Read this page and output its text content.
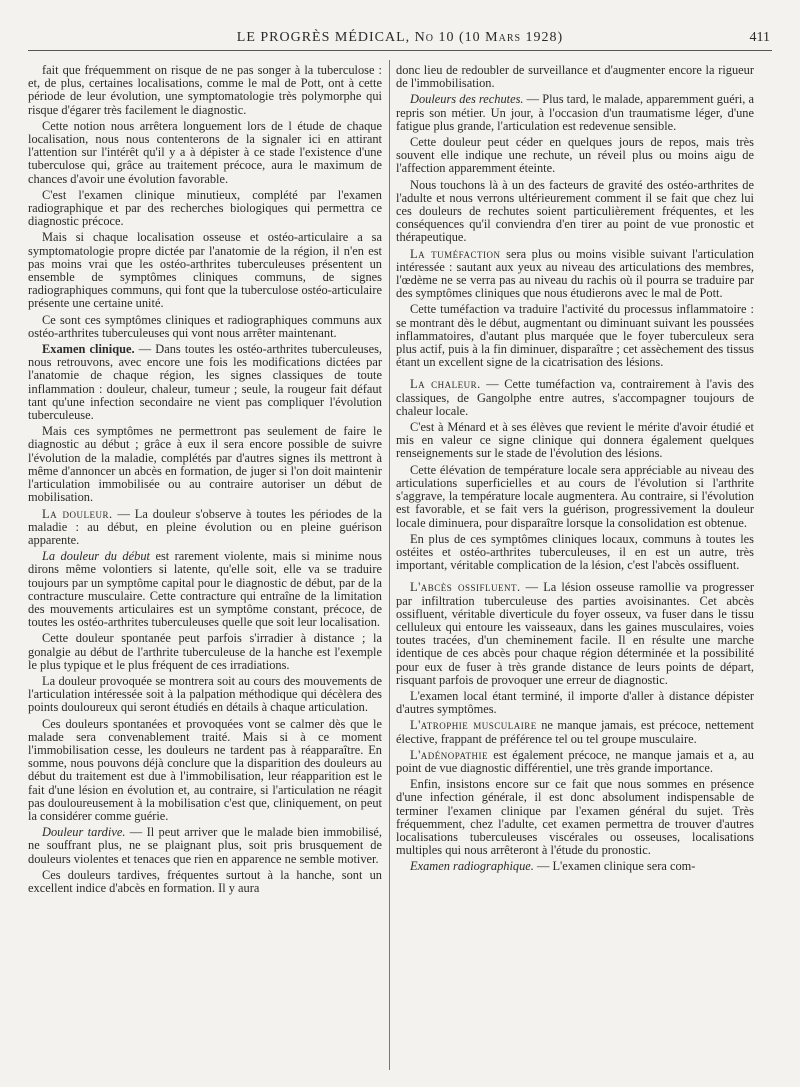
LE PROGRÈS MÉDICAL, No 10 (10 Mars 1928)	411

fait que fréquemment on risque de ne pas songer à la tuberculose : et, de plus, certaines localisations, comme le mal de Pott, ont à cette période de leur évolution, une symptomatologie très polymorphe qui risque d'égarer très facilement le diagnostic.

Cette notion nous arrêtera longuement lors de l étude de chaque localisation, nous nous contenterons de la signaler ici en attirant l'attention sur l'intérêt qu'il y a à dépister à ce stade l'existence d'une tuberculose qui, grâce au traitement précoce, aura le maximum de chances d'avoir une évolution favorable.

C'est l'examen clinique minutieux, complété par l'examen radiographique et par des recherches biologiques qui permettra ce diagnostic précoce.

Mais si chaque localisation osseuse et ostéo-articulaire a sa symptomatologie propre dictée par l'anatomie de la région, il n'en est pas moins vrai que les ostéo-arthrites tuberculeuses présentent un ensemble de symptômes cliniques communs, de signes radiographiques communs, qui font que la tuberculose ostéo-articulaire présente une certaine unité.

Ce sont ces symptômes cliniques et radiographiques communs aux ostéo-arthrites tuberculeuses qui vont nous arrêter maintenant.

Examen clinique. — Dans toutes les ostéo-arthrites tuberculeuses, nous retrouvons, avec encore une fois les modifications dictées par l'anatomie de chaque région, les signes classiques de toute inflammation : douleur, chaleur, tumeur ; seule, la rougeur fait défaut tant qu'une infection secondaire ne vient pas compliquer l'évolution tuberculeuse.

Mais ces symptômes ne permettront pas seulement de faire le diagnostic au début ; grâce à eux il sera encore possible de suivre l'évolution de la maladie, complétés par d'autres signes ils mettront à même d'annoncer un abcès en formation, de juger si l'on doit maintenir l'articulation immobilisée ou au contraire autoriser un début de mobilisation.

La douleur. — La douleur s'observe à toutes les périodes de la maladie : au début, en pleine évolution ou en pleine guérison apparente.

La douleur du début est rarement violente, mais si minime nous dirons même volontiers si latente, qu'elle soit, elle va se traduire toujours par un symptôme capital pour le diagnostic de début, par de la contracture musculaire. Cette contracture qui entraîne de la limitation des mouvements articulaires est un symptôme constant, précoce, de toutes les ostéo-arthrites tuberculeuses quelle que soit leur localisation.

Cette douleur spontanée peut parfois s'irradier à distance ; la gonalgie au début de l'arthrite tuberculeuse de la hanche est l'exemple le plus typique et le plus fréquent de ces irradiations.

La douleur provoquée se montrera soit au cours des mouvements de l'articulation intéressée soit à la palpation méthodique qui décèlera des points douloureux qui seront étudiés en détails à chaque articulation.

Ces douleurs spontanées et provoquées vont se calmer dès que le malade sera convenablement traité. Mais si à ce moment l'immobilisation cesse, les douleurs ne tardent pas à réapparaître. En somme, nous pouvons déjà conclure que la disparition des douleurs au début du traitement est due à l'immobilisation, leur réapparition est le fait d'une lésion en évolution et, au contraire, si l'articulation ne réagit pas douloureusement à la mobilisation c'est que, cliniquement, on peut la considérer comme guérie.

Douleur tardive. — Il peut arriver que le malade bien immobilisé, ne souffrant plus, ne se plaignant plus, soit pris brusquement de douleurs violentes et tenaces que rien en apparence ne semble motiver.

Ces douleurs tardives, fréquentes surtout à la hanche, sont un excellent indice d'abcès en formation. Il y aura

donc lieu de redoubler de surveillance et d'augmenter encore la rigueur de l'immobilisation.

Douleurs des rechutes. — Plus tard, le malade, apparemment guéri, a repris son métier. Un jour, à l'occasion d'un traumatisme léger, d'une fatigue plus grande, l'articulation est redevenue sensible.

Cette douleur peut céder en quelques jours de repos, mais très souvent elle indique une rechute, un réveil plus ou moins aigu de l'affection apparemment éteinte.

Nous touchons là à un des facteurs de gravité des ostéo-arthrites de l'adulte et nous verrons ultérieurement comment il se fait que chez lui ces douleurs de rechutes soient particulièrement fréquentes, et les conséquences qu'il conviendra d'en tirer au point de vue pronostic et thérapeutique.

La tuméfaction sera plus ou moins visible suivant l'articulation intéressée : sautant aux yeux au niveau des articulations des membres, l'œdème ne se verra pas au niveau du rachis où il pourra se traduire par des symptômes cliniques que nous étudierons avec le mal de Pott.

Cette tuméfaction va traduire l'activité du processus inflammatoire : se montrant dès le début, augmentant ou diminuant suivant les poussées inflammatoires, d'autant plus marquée que le foyer tuberculeux sera plus actif, puis à la fin diminuer, disparaître ; cet assèchement des tissus étant un excellent signe de la cicatrisation des lésions.

La chaleur. — Cette tuméfaction va, contrairement à l'avis des classiques, de Gangolphe entre autres, s'accompagner toujours de chaleur locale.

C'est à Ménard et à ses élèves que revient le mérite d'avoir étudié et mis en valeur ce signe clinique qui donnera également quelques renseignements sur le stade de l'évolution des lésions.

Cette élévation de température locale sera appréciable au niveau des articulations superficielles et au cours de l'évolution si l'arthrite s'aggrave, la température locale augmentera. Au contraire, si l'évolution est favorable, et se fait vers la guérison, progressivement la douleur locale diminuera, pour disparaître lorsque la consolidation est obtenue.

En plus de ces symptômes cliniques locaux, communs à toutes les ostéites et ostéo-arthrites tuberculeuses, il en est un autre, très important, véritable complication de la lésion, c'est l'abcès ossifluent.

L'abcès ossifluent. — La lésion osseuse ramollie va progresser par infiltration tuberculeuse des parties avoisinantes. Cet abcès ossifluent, véritable diverticule du foyer osseux, va fuser dans le tissu celluleux qui entoure les vaisseaux, dans les gaines musculaires, voies toutes tracées, d'un cheminement facile. Il en résulte une marche identique de ces abcès pour chaque région déterminée et la possibilité pour eux de fuser à très grande distance de leurs points de départ, risquant parfois de provoquer une erreur de diagnostic.

L'examen local étant terminé, il importe d'aller à distance dépister d'autres symptômes.

L'atrophie musculaire ne manque jamais, est précoce, nettement élective, frappant de préférence tel ou tel groupe musculaire.

L'adénopathie est également précoce, ne manque jamais et a, au point de vue diagnostic différentiel, une très grande importance.

Enfin, insistons encore sur ce fait que nous sommes en présence d'une infection générale, il est donc absolument indispensable de terminer l'examen clinique par l'examen général du sujet. Très fréquemment, chez l'adulte, cet examen permettra de trouver d'autres localisations tuberculeuses viscérales ou osseuses, localisations multiples qui nous arrêteront à l'étude du pronostic.

Examen radiographique. — L'examen clinique sera com-
